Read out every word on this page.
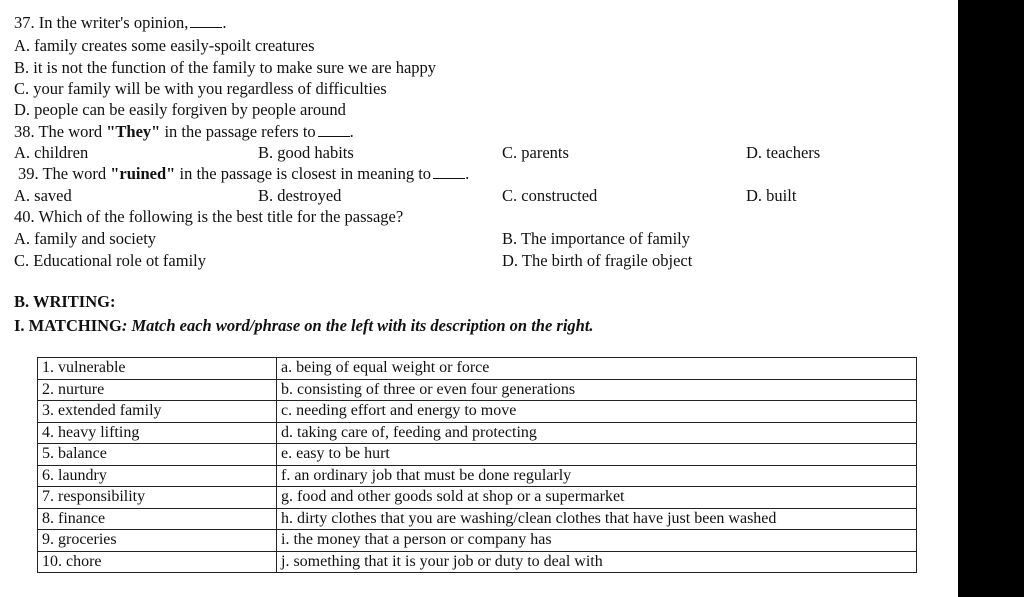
37. In the writer's opinion, .
A. family creates some easily-spoilt creatures
B. it is not the function of the family to make sure we are happy
C. your family will be with you regardless of difficulties
D. people can be easily forgiven by people around
38. The word "They" in the passage refers to .
A. children	B. good habits	C. parents	D. teachers
39. The word "ruined" in the passage is closest in meaning to .
A. saved	B. destroyed	C. constructed	D. built
40. Which of the following is the best title for the passage?
A. family and society	B. The importance of family
C. Educational role ot family	D. The birth of fragile object
B. WRITING:
I. MATCHING: Match each word/phrase on the left with its description on the right.
1. vulnerable	a. being of equal weight or force
2. nurture	b. consisting of three or even four generations
3. extended family	c. needing effort and energy to move
4. heavy lifting	d. taking care of, feeding and protecting
5. balance	e. easy to be hurt
6. laundry	f. an ordinary job that must be done regularly
7. responsibility	g. food and other goods sold at shop or a supermarket
8. finance	h. dirty clothes that you are washing/clean clothes that have just been washed
9. groceries	i. the money that a person or company has
10. chore	j. something that it is your job or duty to deal with
